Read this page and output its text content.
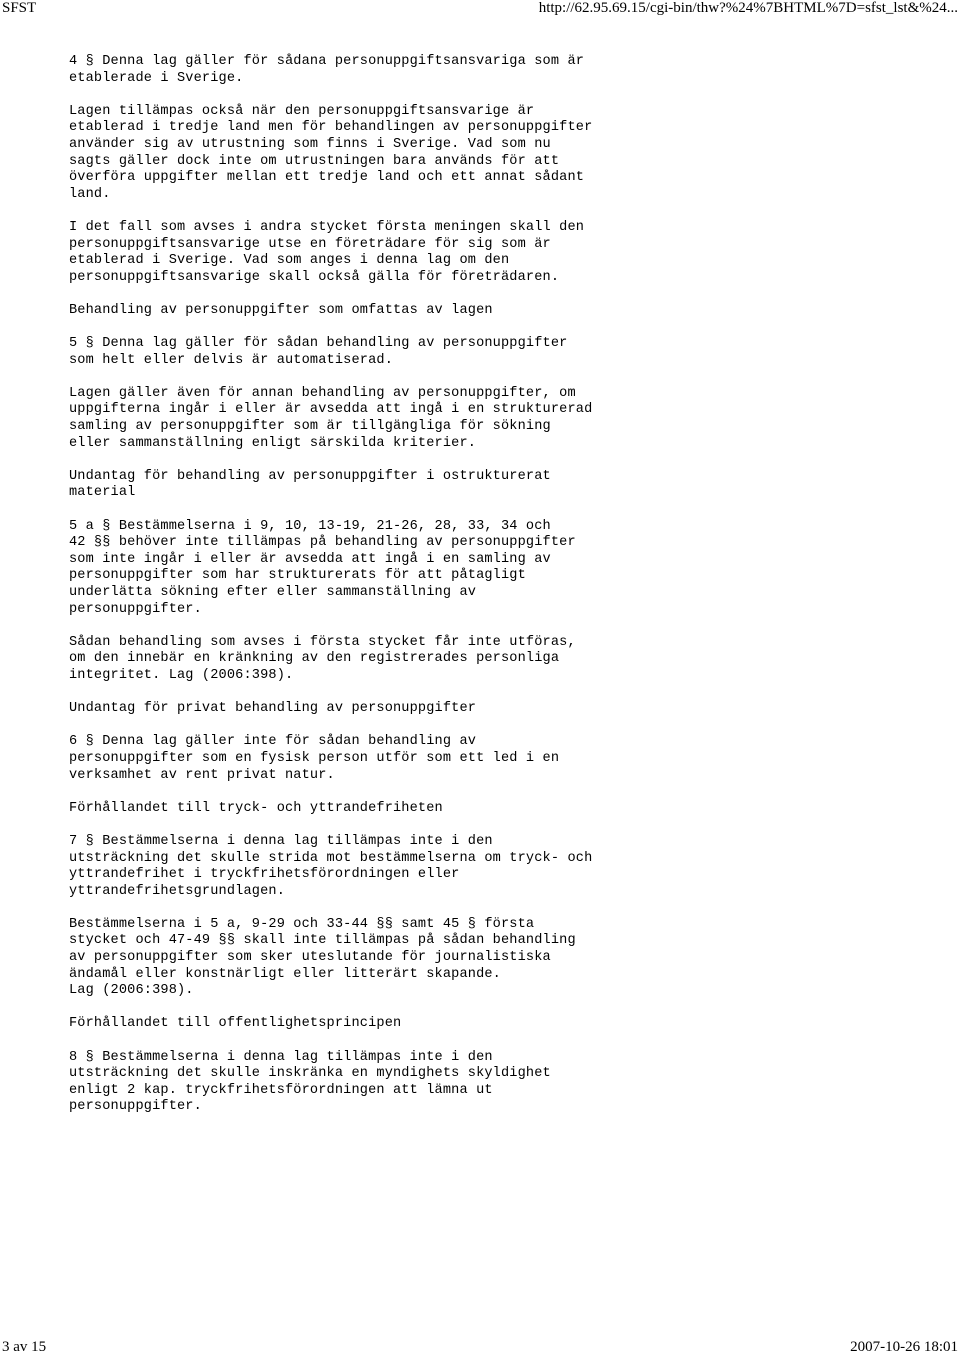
SFST	http://62.95.69.15/cgi-bin/thw?%24%7BHTML%7D=sfst_lst&%24...

4 § Denna lag gäller för sådana personuppgiftsansvariga som är
etablerade i Sverige.

Lagen tillämpas också när den personuppgiftsansvarige är
etablerad i tredje land men för behandlingen av personuppgifter
använder sig av utrustning som finns i Sverige. Vad som nu
sagts gäller dock inte om utrustningen bara används för att
överföra uppgifter mellan ett tredje land och ett annat sådant
land.

I det fall som avses i andra stycket första meningen skall den
personuppgiftsansvarige utse en företrädare för sig som är
etablerad i Sverige. Vad som anges i denna lag om den
personuppgiftsansvarige skall också gälla för företrädaren.

Behandling av personuppgifter som omfattas av lagen

5 § Denna lag gäller för sådan behandling av personuppgifter
som helt eller delvis är automatiserad.

Lagen gäller även för annan behandling av personuppgifter, om
uppgifterna ingår i eller är avsedda att ingå i en strukturerad
samling av personuppgifter som är tillgängliga för sökning
eller sammanställning enligt särskilda kriterier.

Undantag för behandling av personuppgifter i ostrukturerat
material

5 a § Bestämmelserna i 9, 10, 13-19, 21-26, 28, 33, 34 och
42 §§ behöver inte tillämpas på behandling av personuppgifter
som inte ingår i eller är avsedda att ingå i en samling av
personuppgifter som har strukturerats för att påtagligt
underlätta sökning efter eller sammanställning av
personuppgifter.

Sådan behandling som avses i första stycket får inte utföras,
om den innebär en kränkning av den registrerades personliga
integritet. Lag (2006:398).

Undantag för privat behandling av personuppgifter

6 § Denna lag gäller inte för sådan behandling av
personuppgifter som en fysisk person utför som ett led i en
verksamhet av rent privat natur.

Förhållandet till tryck- och yttrandefriheten

7 § Bestämmelserna i denna lag tillämpas inte i den
utsträckning det skulle strida mot bestämmelserna om tryck- och
yttrandefrihet i tryckfrihetsförordningen eller
yttrandefrihetsgrundlagen.

Bestämmelserna i 5 a, 9-29 och 33-44 §§ samt 45 § första
stycket och 47-49 §§ skall inte tillämpas på sådan behandling
av personuppgifter som sker uteslutande för journalistiska
ändamål eller konstnärligt eller litterärt skapande.
Lag (2006:398).

Förhållandet till offentlighetsprincipen

8 § Bestämmelserna i denna lag tillämpas inte i den
utsträckning det skulle inskränka en myndighets skyldighet
enligt 2 kap. tryckfrihetsförordningen att lämna ut
personuppgifter.

3 av 15	2007-10-26 18:01
